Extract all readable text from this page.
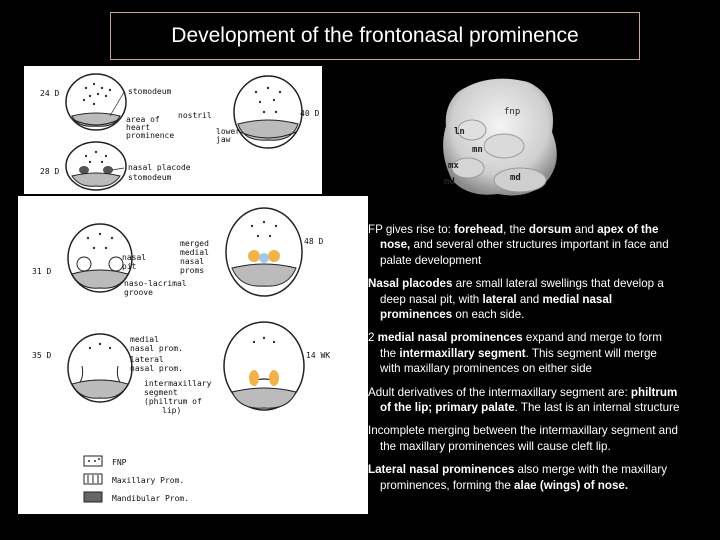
Development of the frontonasal prominence
24 D
28 D
40 D
stomodeum
area of
heart
prominence
nostril
lower
jaw
nasal placode
stomodeum
31 D
35 D
48 D
14 WK
nasal
pit
naso-lacrimal
groove
merged
medial
nasal
proms
medial
nasal prom.
lateral
nasal prom.
intermaxillary
segment
(philtrum of
lip)
FNP
Maxillary Prom.
Mandibular Prom.
fnp
ln
mn
mx
md	md

FP gives rise to: forehead, the dorsum and apex of the nose, and several other structures important in face and palate development

Nasal placodes are small lateral swellings that develop a deep nasal pit, with lateral and medial nasal prominences on each side.

2 medial nasal prominences expand and merge to form the intermaxillary segment. This segment will merge with maxillary prominences on either side

Adult derivatives of the intermaxillary segment are: philtrum of the lip; primary palate. The last is an internal structure

Incomplete merging between the intermaxillary segment and the maxillary prominences will cause cleft lip.

Lateral nasal prominences also merge with the maxillary prominences, forming the alae (wings) of nose.
